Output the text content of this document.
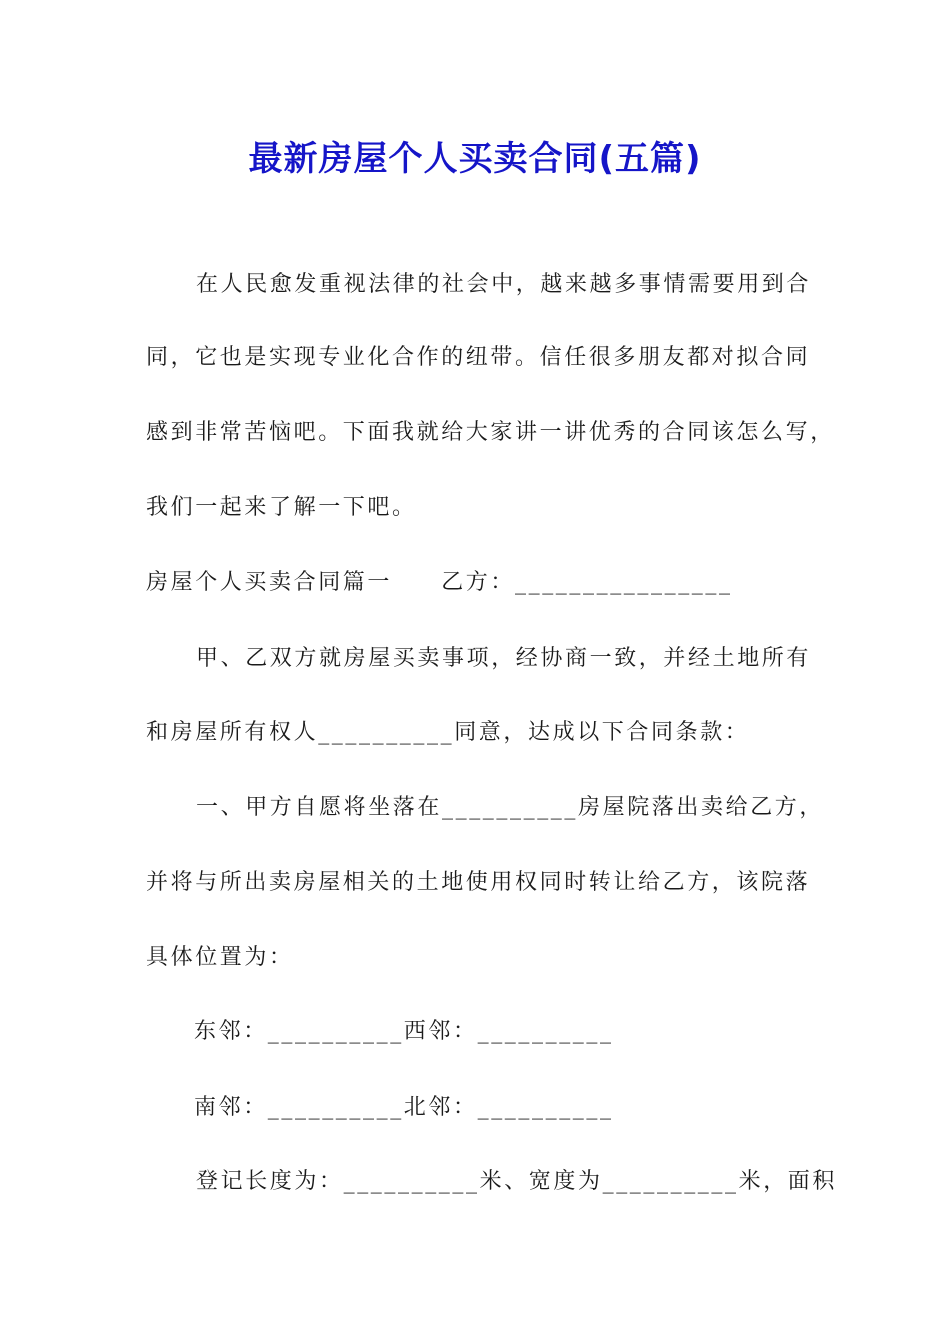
最新房屋个人买卖合同(五篇)
在人民愈发重视法律的社会中，越来越多事情需要用到合
同，它也是实现专业化合作的纽带。信任很多朋友都对拟合同
感到非常苦恼吧。下面我就给大家讲一讲优秀的合同该怎么写，
我们一起来了解一下吧。
房屋个人买卖合同篇一　　乙方：________________
甲、乙双方就房屋买卖事项，经协商一致，并经土地所有
和房屋所有权人__________同意，达成以下合同条款：
一、甲方自愿将坐落在__________房屋院落出卖给乙方，
并将与所出卖房屋相关的土地使用权同时转让给乙方，该院落
具体位置为：
东邻：__________西邻：__________
南邻：__________北邻：__________
登记长度为：__________米、宽度为__________米，面积
